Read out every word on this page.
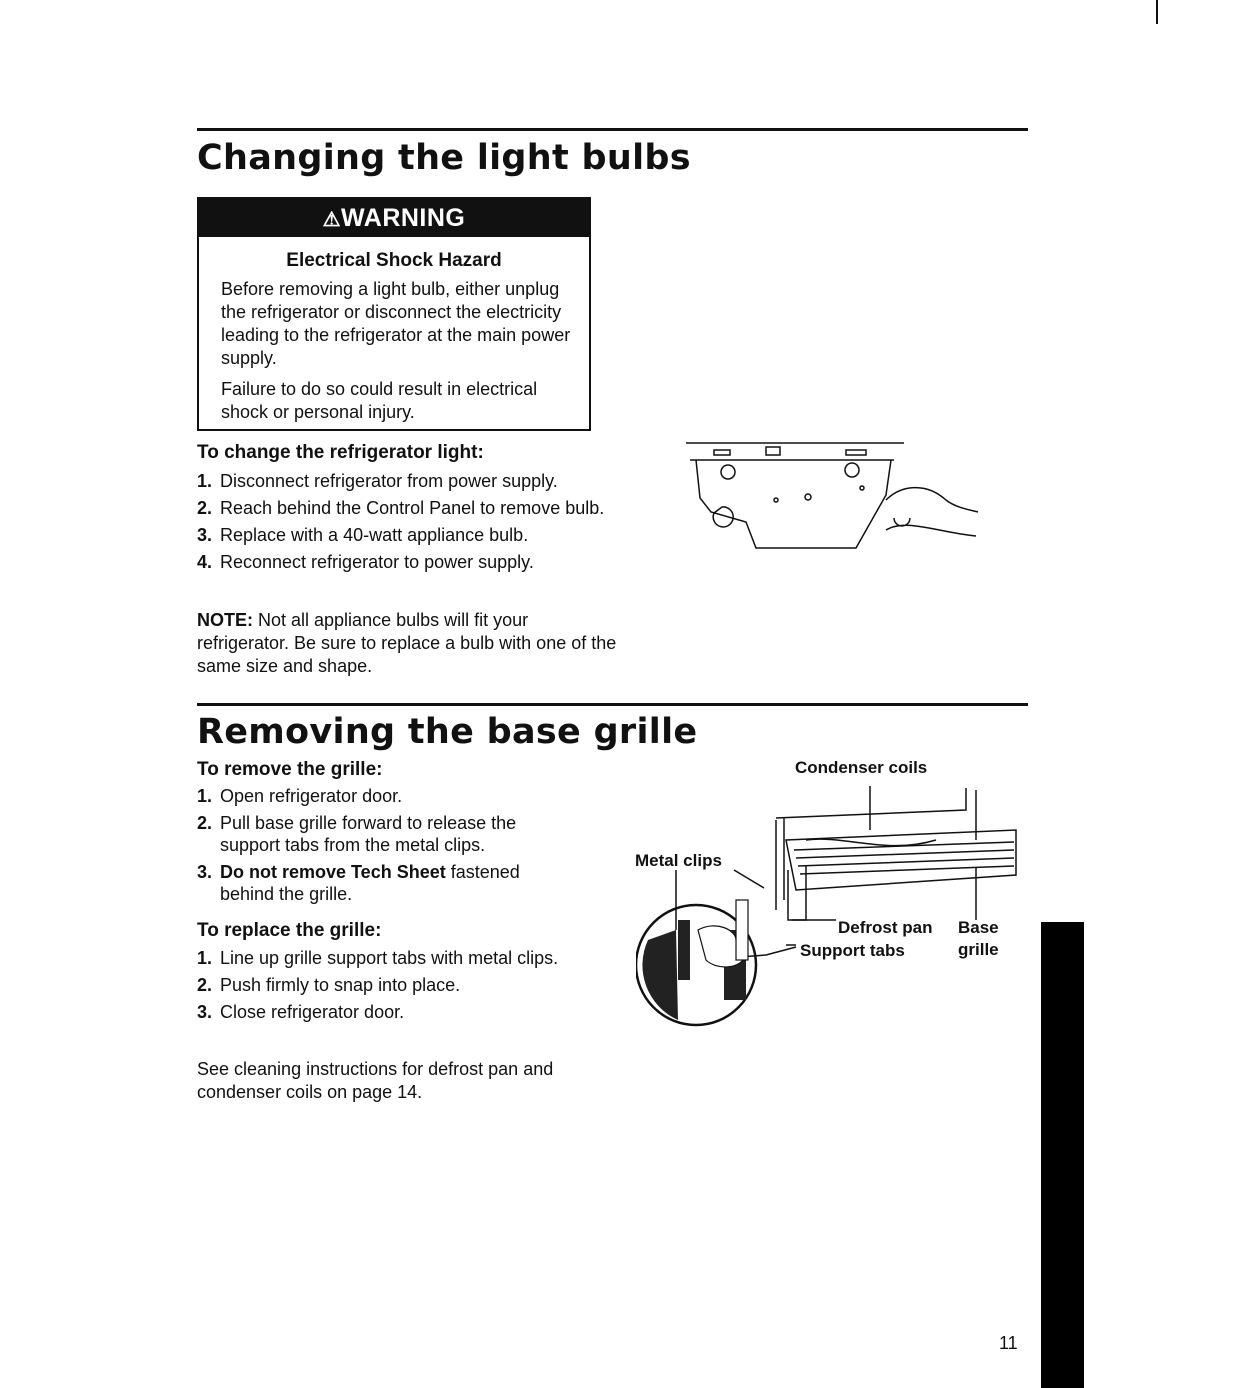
Changing the light bulbs
⚠WARNING
Electrical Shock Hazard

Before removing a light bulb, either unplug the refrigerator or disconnect the electricity leading to the refrigerator at the main power supply.

Failure to do so could result in electrical shock or personal injury.

To change the refrigerator light:
1. Disconnect refrigerator from power supply.
2. Reach behind the Control Panel to remove bulb.
3. Replace with a 40-watt appliance bulb.
4. Reconnect refrigerator to power supply.
NOTE: Not all appliance bulbs will fit your refrigerator. Be sure to replace a bulb with one of the same size and shape.
Removing the base grille
To remove the grille:
1. Open refrigerator door.
2. Pull base grille forward to release the support tabs from the metal clips.
3. Do not remove Tech Sheet fastened behind the grille.
To replace the grille:
1. Line up grille support tabs with metal clips.
2. Push firmly to snap into place.
3. Close refrigerator door.
See cleaning instructions for defrost pan and condenser coils on page 14.
Condenser coils
Metal clips
Defrost pan
Support tabs
Base
grille
11
